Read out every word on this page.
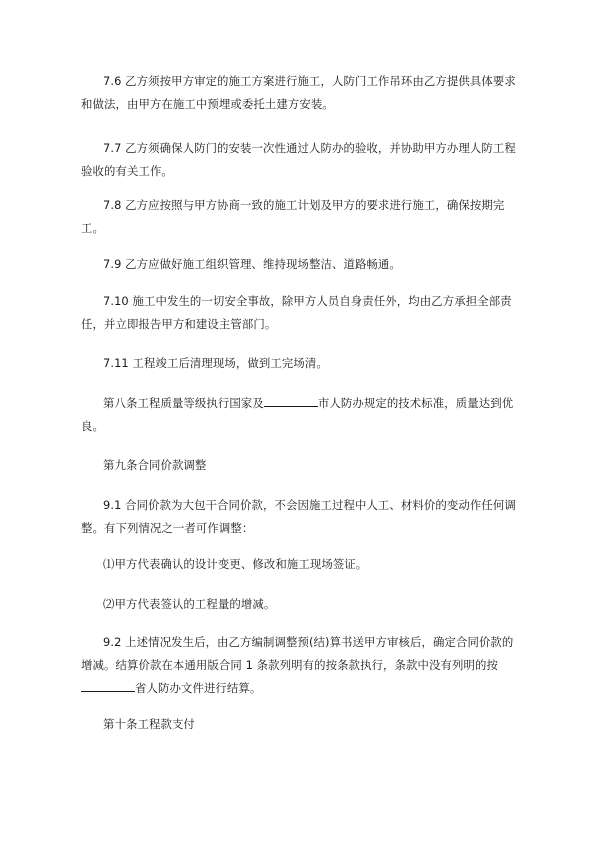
7.6 乙方须按甲方审定的施工方案进行施工，人防门工作吊环由乙方提供具体要求和做法，由甲方在施工中预埋或委托土建方安装。

7.7 乙方须确保人防门的安装一次性通过人防办的验收，并协助甲方办理人防工程验收的有关工作。

7.8 乙方应按照与甲方协商一致的施工计划及甲方的要求进行施工，确保按期完工。

7.9 乙方应做好施工组织管理、维持现场整洁、道路畅通。

7.10 施工中发生的一切安全事故，除甲方人员自身责任外，均由乙方承担全部责任，并立即报告甲方和建设主管部门。

7.11 工程竣工后清理现场，做到工完场清。

第八条工程质量等级执行国家及	市人防办规定的技术标准，质量达到优良。

第九条合同价款调整

9.1 合同价款为大包干合同价款，不会因施工过程中人工、材料价的变动作任何调整。有下列情况之一者可作调整：

⑴甲方代表确认的设计变更、修改和施工现场签证。

⑵甲方代表签认的工程量的增减。

9.2 上述情况发生后，由乙方编制调整预(结)算书送甲方审核后，确定合同价款的增减。结算价款在本通用版合同 1 条款列明有的按条款执行，条款中没有列明的按省人防办文件进行结算。

第十条工程款支付
